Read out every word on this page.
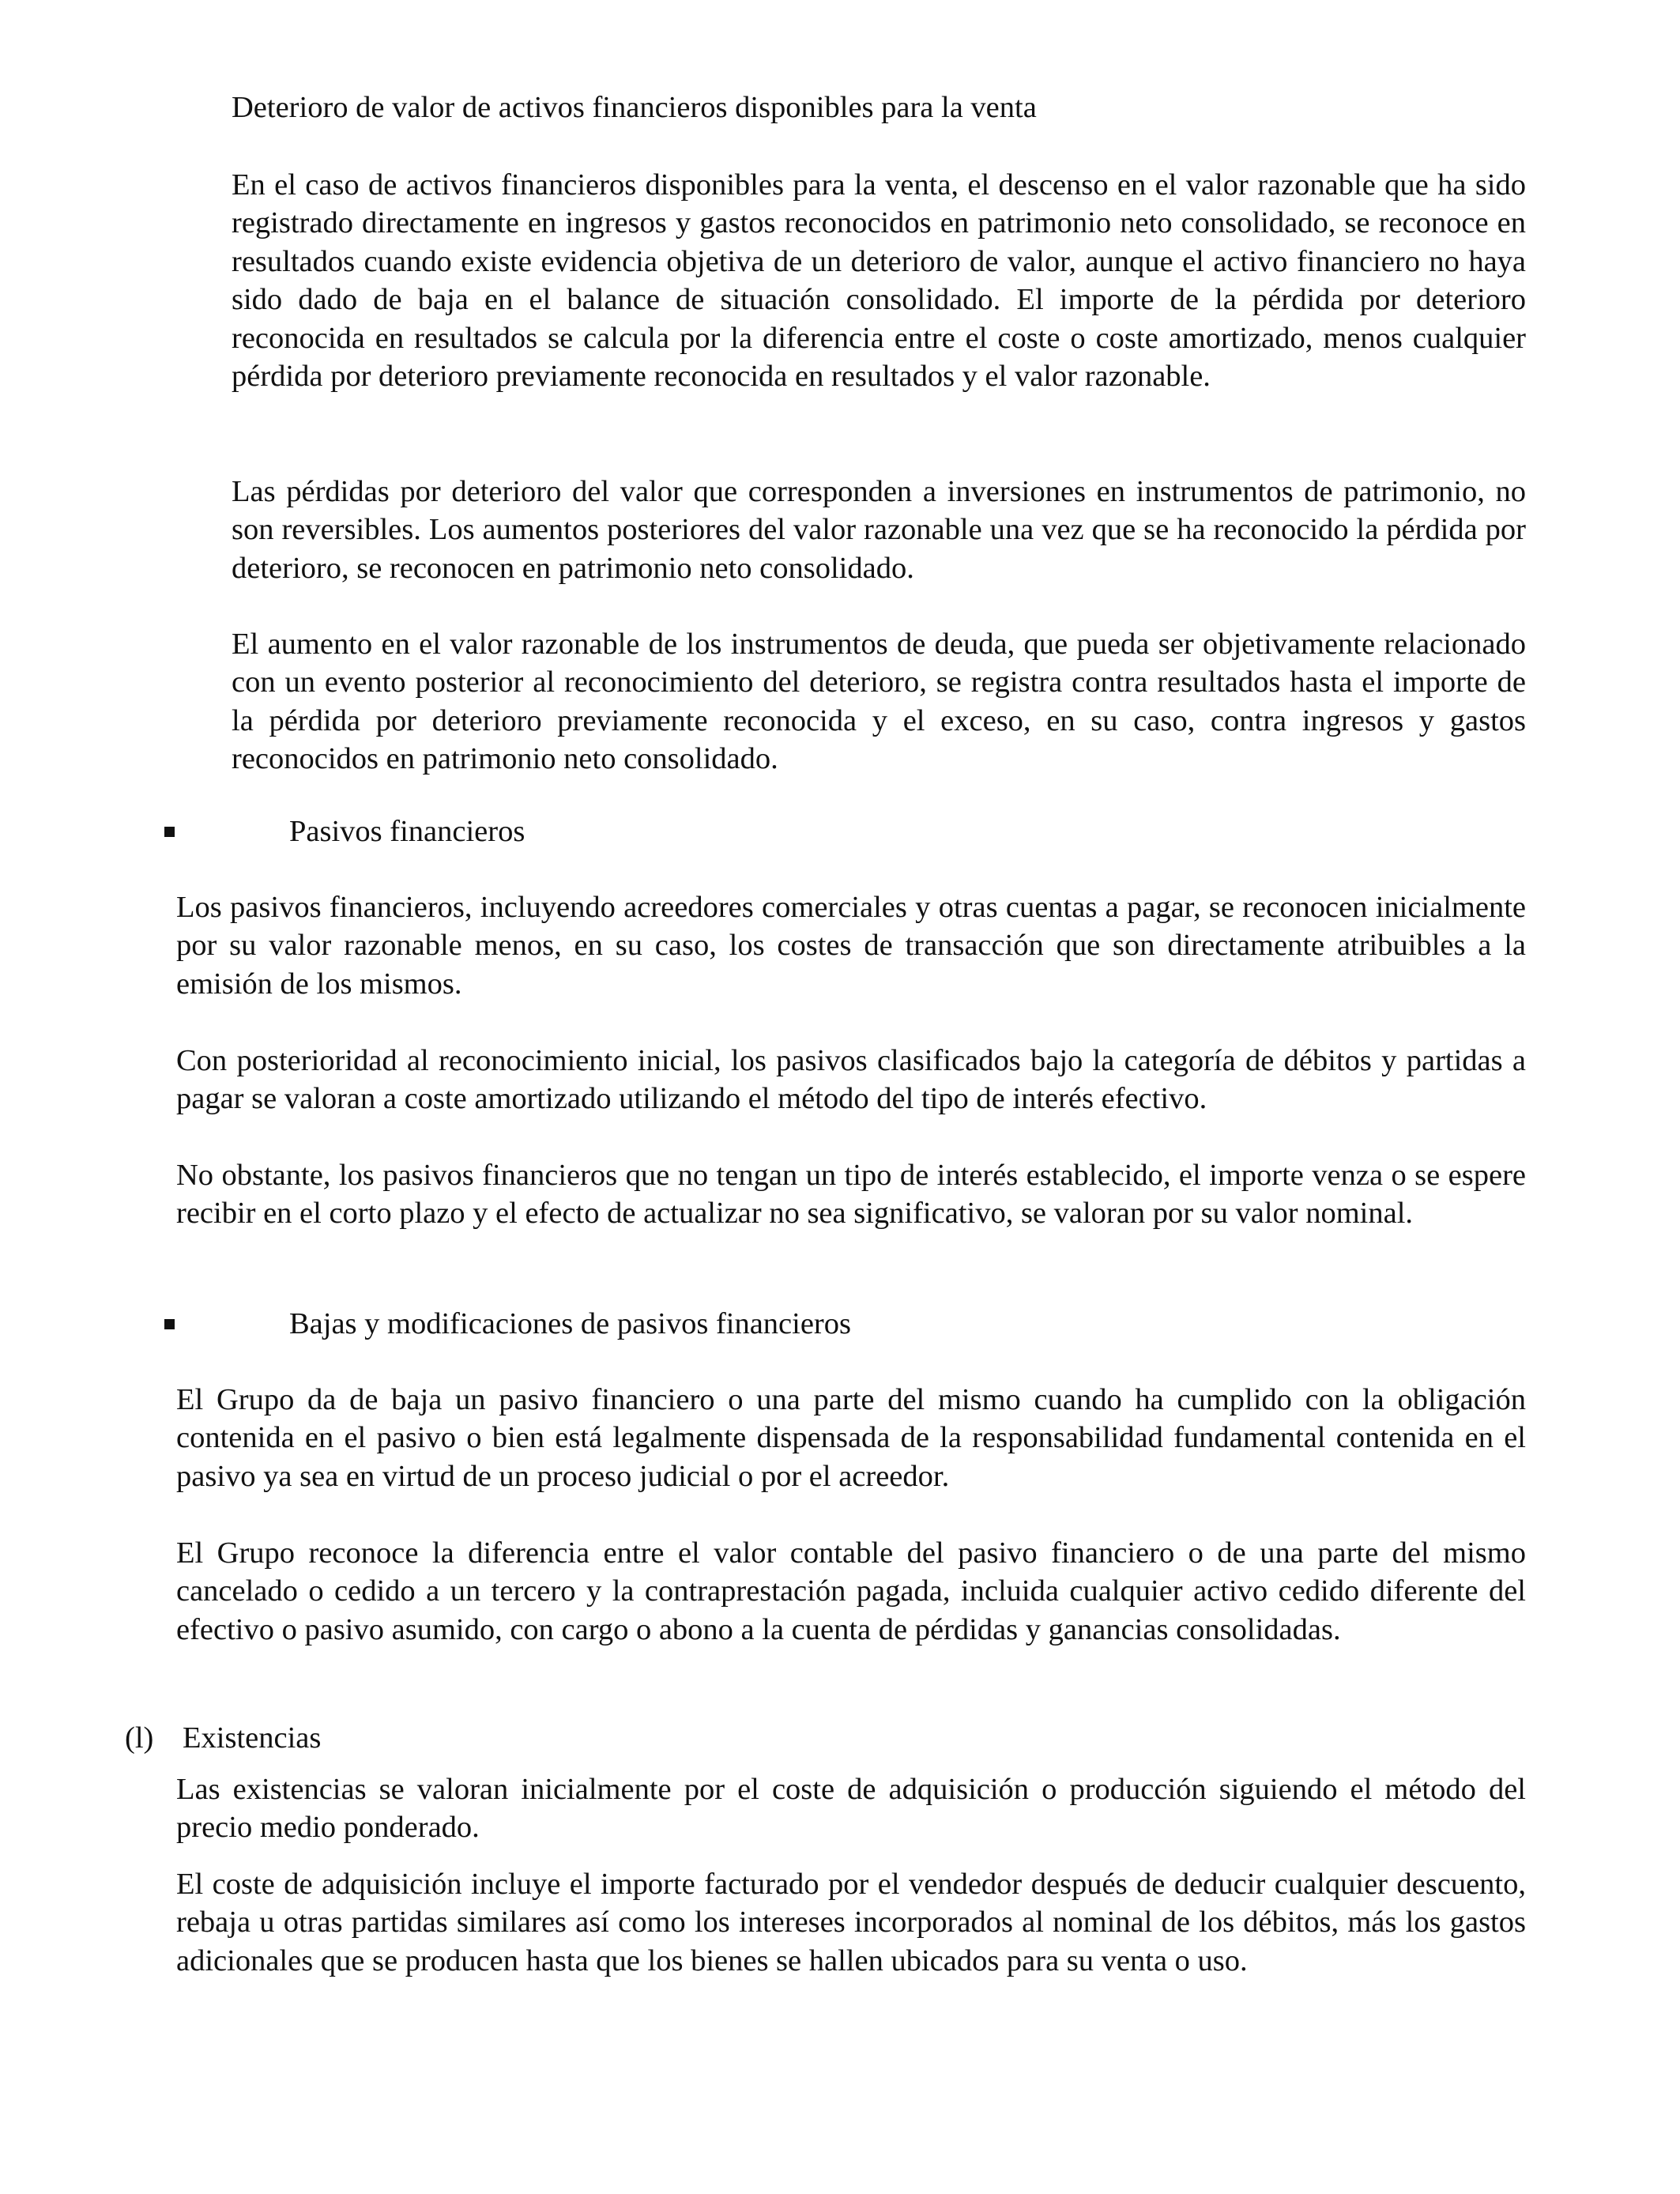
Deterioro de valor de activos financieros disponibles para la venta

En el caso de activos financieros disponibles para la venta, el descenso en el valor razonable que ha sido registrado directamente en ingresos y gastos reconocidos en patrimonio neto consolidado, se reconoce en resultados cuando existe evidencia objetiva de un deterioro de valor, aunque el activo financiero no haya sido dado de baja en el balance de situación consolidado. El importe de la pérdida por deterioro reconocida en resultados se calcula por la diferencia entre el coste o coste amortizado, menos cualquier pérdida por deterioro previamente reconocida en resultados y el valor razonable.

Las pérdidas por deterioro del valor que corresponden a inversiones en instrumentos de patrimonio, no son reversibles. Los aumentos posteriores del valor razonable una vez que se ha reconocido la pérdida por deterioro, se reconocen en patrimonio neto consolidado.

El aumento en el valor razonable de los instrumentos de deuda, que pueda ser objetivamente relacionado con un evento posterior al reconocimiento del deterioro, se registra contra resultados hasta el importe de la pérdida por deterioro previamente reconocida y el exceso, en su caso, contra ingresos y gastos reconocidos en patrimonio neto consolidado.

Pasivos financieros

Los pasivos financieros, incluyendo acreedores comerciales y otras cuentas a pagar, se reconocen inicialmente por su valor razonable menos, en su caso, los costes de transacción que son directamente atribuibles a la emisión de los mismos.

Con posterioridad al reconocimiento inicial, los pasivos clasificados bajo la categoría de débitos y partidas a pagar se valoran a coste amortizado utilizando el método del tipo de interés efectivo.

No obstante, los pasivos financieros que no tengan un tipo de interés establecido, el importe venza o se espere recibir en el corto plazo y el efecto de actualizar no sea significativo, se valoran por su valor nominal.

Bajas y modificaciones de pasivos financieros

El Grupo da de baja un pasivo financiero o una parte del mismo cuando ha cumplido con la obligación contenida en el pasivo o bien está legalmente dispensada de la responsabilidad fundamental contenida en el pasivo ya sea en virtud de un proceso judicial o por el acreedor.

El Grupo reconoce la diferencia entre el valor contable del pasivo financiero o de una parte del mismo cancelado o cedido a un tercero y la contraprestación pagada, incluida cualquier activo cedido diferente del efectivo o pasivo asumido, con cargo o abono a la cuenta de pérdidas y ganancias consolidadas.

(l) Existencias

Las existencias se valoran inicialmente por el coste de adquisición o producción siguiendo el método del precio medio ponderado.

El coste de adquisición incluye el importe facturado por el vendedor después de deducir cualquier descuento, rebaja u otras partidas similares así como los intereses incorporados al nominal de los débitos, más los gastos adicionales que se producen hasta que los bienes se hallen ubicados para su venta o uso.
